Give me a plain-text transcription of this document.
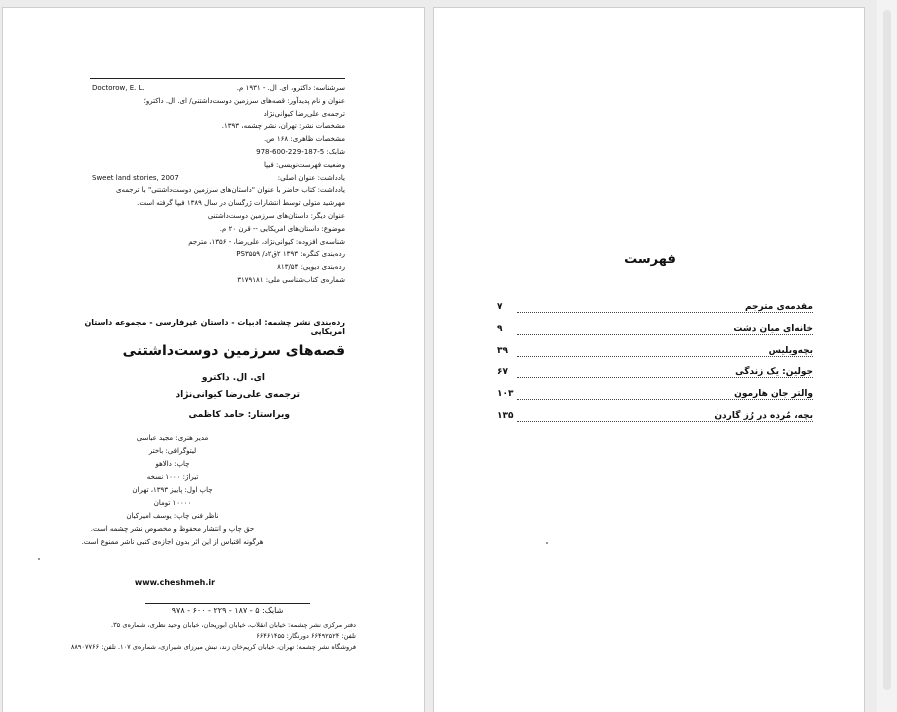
سرشناسه: داکترو، ای. ال. - ۱۹۳۱ م.
Doctorow, E. L.
عنوان و نام پدیدآور: قصه‌های سرزمین دوست‌داشتنی/ ای. ال. داکترو؛
ترجمه‌ی علی‌رضا کیوانی‌نژاد
مشخصات نشر: تهران، نشر چشمه، ۱۳۹۳.
مشخصات ظاهری: ۱۶۸ ص.
شابک: 5-187-229-600-978
وضعیت فهرست‌نویسی: فیپا
یادداشت: عنوان اصلی:
Sweet land stories, 2007
یادداشت: کتاب حاضر با عنوان "داستان‌های سرزمین دوست‌داشتنی" با ترجمه‌ی
مهرشید متولی توسط انتشارات ژرگسان در سال ۱۳۸۹ فیپا گرفته است.
عنوان دیگر: داستان‌های سرزمین دوست‌داشتنی
موضوع: داستان‌های امریکایی -- قرن ۲۰ م.
شناسه‌ی افزوده: کیوانی‌نژاد، علی‌رضا، - ۱۳۵۶، مترجم
رده‌بندی کنگره: ۱۳۹۳ ۲ق۲د/ PS۳۵۵۹
رده‌بندی دیویی: ۸۱۳/۵۴
شماره‌ی کتاب‌شناسی ملی: ۳۱۷۹۱۸۱
رده‌بندی نشر چشمه: ادبیات - داستان غیرفارسی - مجموعه داستان امریکایی
قصه‌های سرزمین دوست‌داشتنی
ای. ال. داکترو
ترجمه‌ی علی‌رضا کیوانی‌نژاد
ویراستار: حامد کاظمی
مدیر هنری: مجید عباسی
لیتوگرافی: باختر
چاپ: دالاهو
تیراژ: ۱۰۰۰ نسخه
چاپ اول: پاییز ۱۳۹۳، تهران
۱۰۰۰۰ تومان
ناظر فنی چاپ: یوسف امیرکیان
حق چاپ و انتشار محفوظ و مخصوص نشر چشمه است.
هرگونه اقتباس از این اثر بدون اجازه‌ی کتبی ناشر ممنوع است.
www.cheshmeh.ir
شابک: ۵ - ۱۸۷ - ۲۲۹ - ۶۰۰ - ۹۷۸
دفتر مرکزی نشر چشمه: خیابان انقلاب، خیابان ابوریحان، خیابان وحید نظری، شماره‌ی ۳۵.
تلفن: ۶۶۴۹۲۵۲۴ دورنگار: ۶۶۴۶۱۴۵۵
فروشگاه نشر چشمه: تهران، خیابان کریم‌خان زند، نبش میرزای شیرازی، شماره‌ی ۱۰۷. تلفن: ۸۸۹۰۷۷۶۶
فهرست
مقدمه‌ی مترجم
۷
خانه‌ای میان دشت
۹
بچه‌ویلیس
۳۹
جولین: یک زندگی
۶۷
والتر جان هارمون
۱۰۳
بچه، مُرده در رُز گاردن
۱۳۵
